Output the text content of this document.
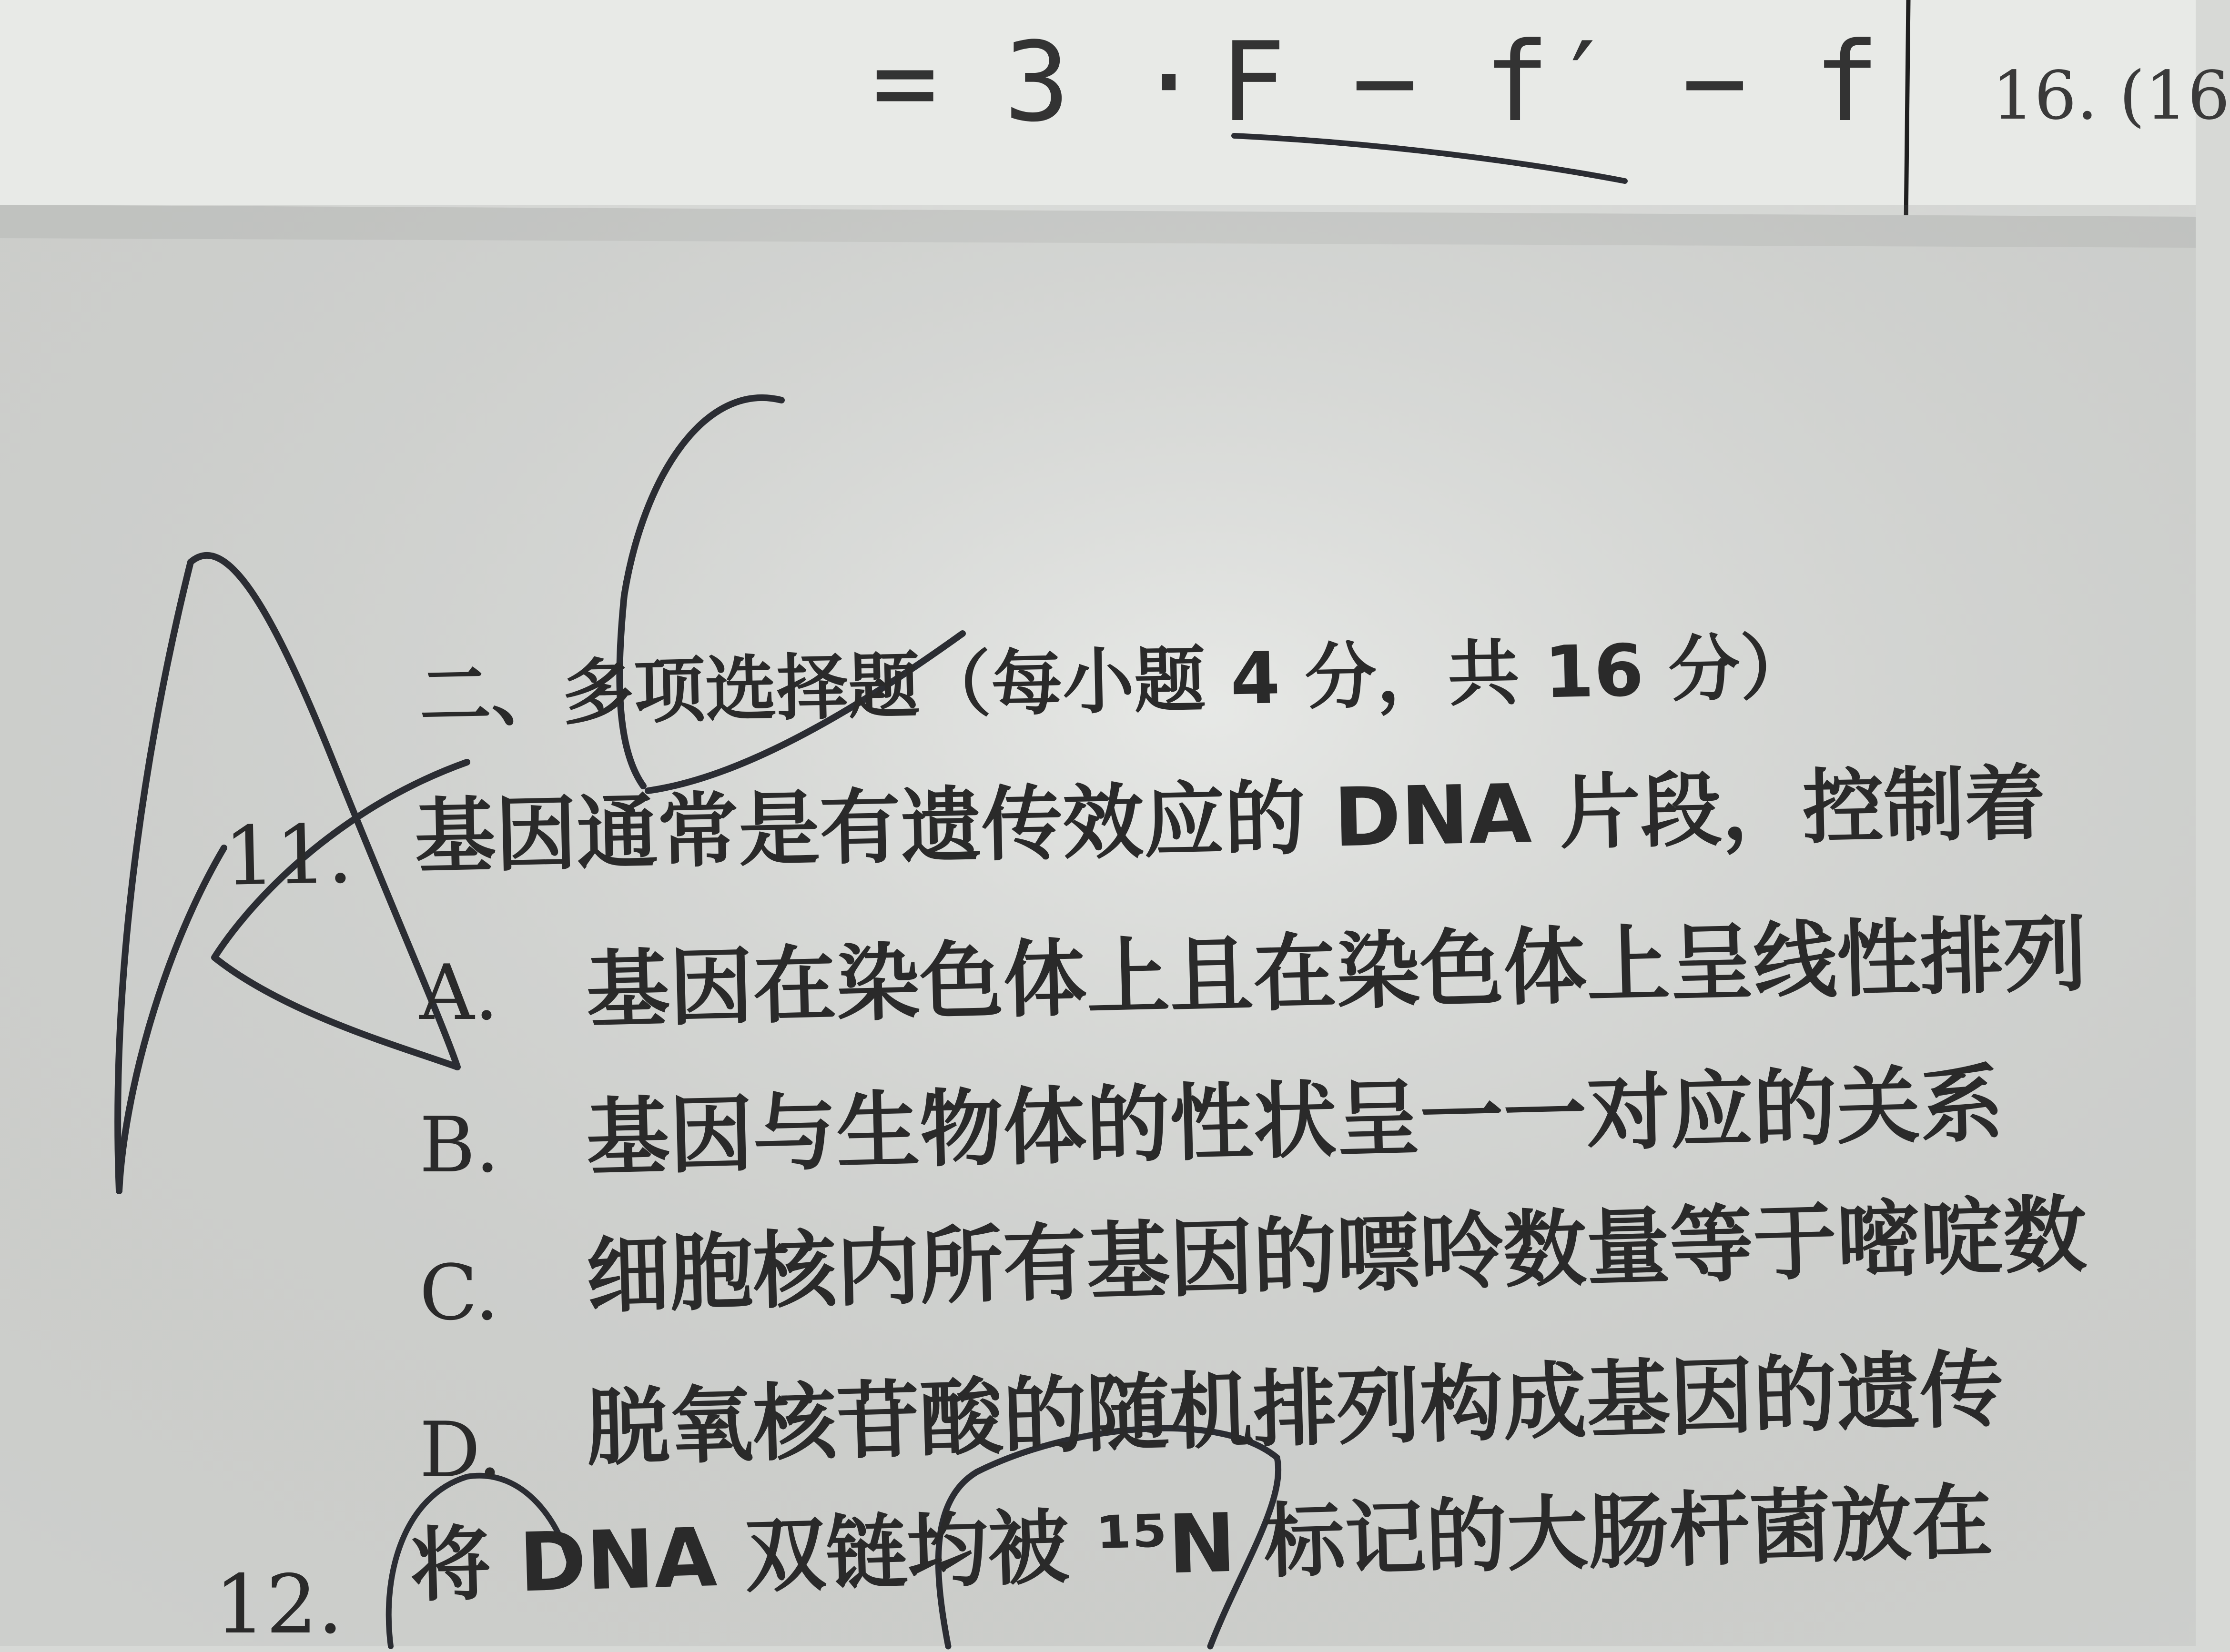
= 3 · F − f′ − f 16. (16
二、多项选择题（每小题 4 分，共 16 分）
11. 基因通常是有遗传效应的 DNA 片段，控制着
A. 基因在染色体上且在染色体上呈线性排列
B. 基因与生物体的性状呈一一对应的关系
C. 细胞核内所有基因的嘌呤数量等于嘧啶数
D. 脱氧核苷酸的随机排列构成基因的遗传
12. 将 DNA 双链均被 ¹⁵N 标记的大肠杆菌放在
